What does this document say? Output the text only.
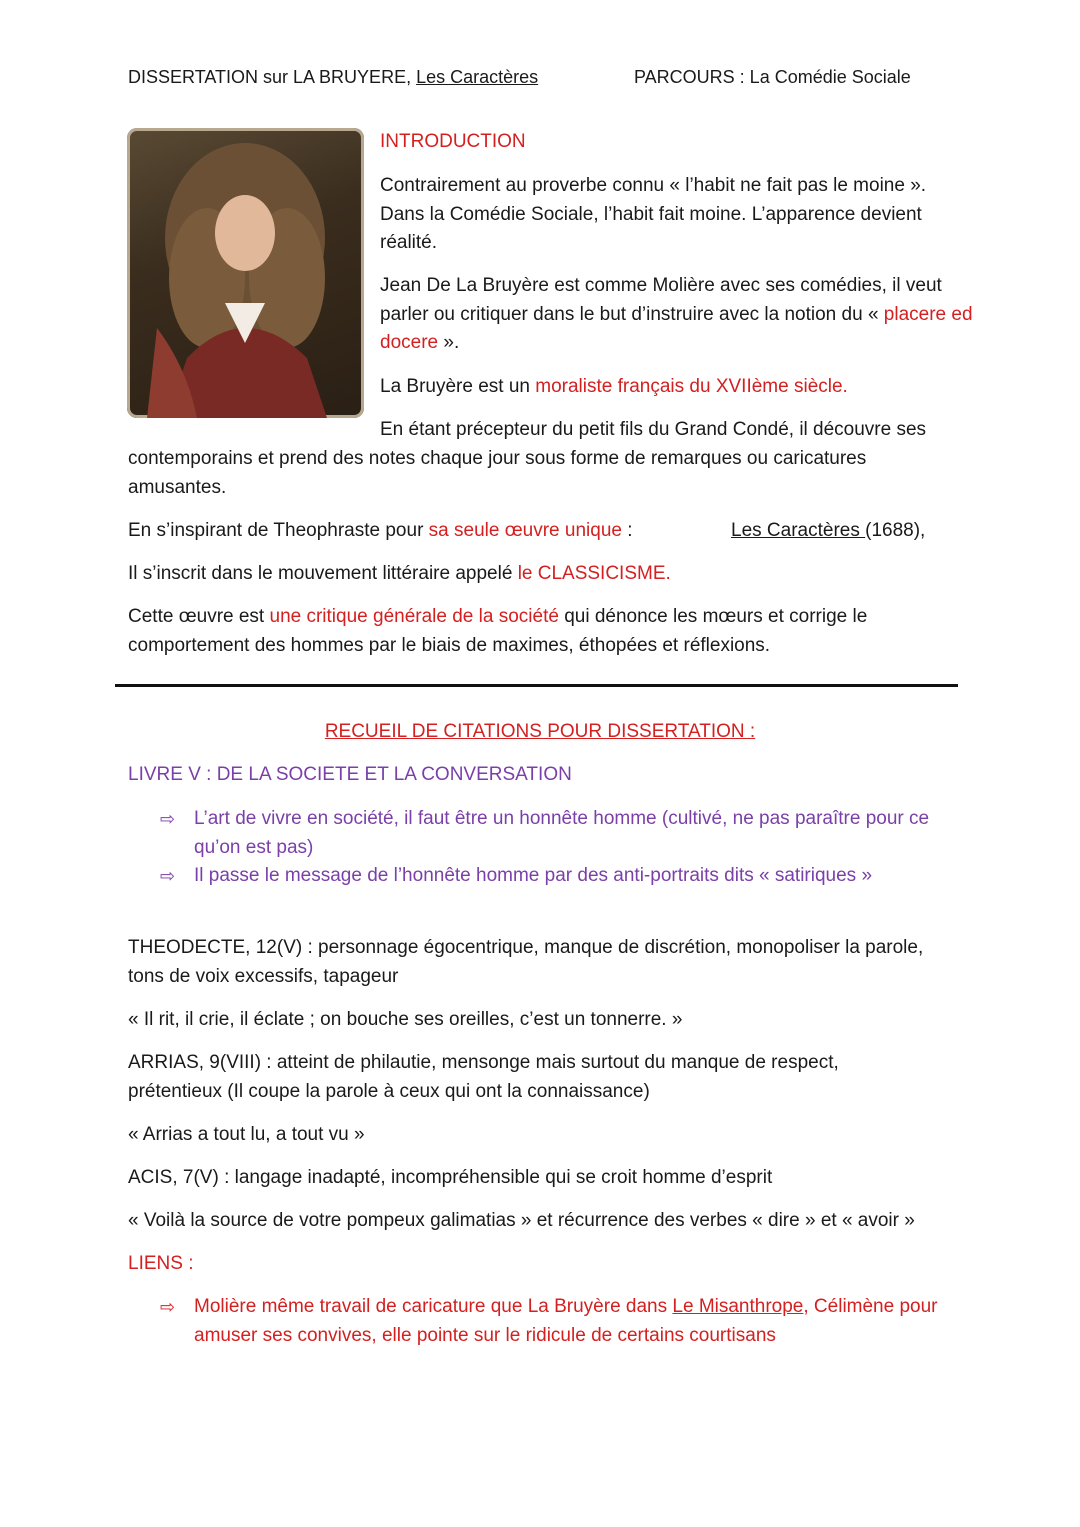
DISSERTATION sur LA BRUYERE, Les Caractères	PARCOURS : La Comédie Sociale
INTRODUCTION

Contrairement au proverbe connu « l’habit ne fait pas le moine ». Dans la Comédie Sociale, l’habit fait moine. L’apparence devient réalité.

Jean De La Bruyère est comme Molière avec ses comédies, il veut parler ou critiquer dans le but d’instruire avec la notion du « placere ed docere ».

La Bruyère est un moraliste français du XVIIème siècle.

En étant précepteur du petit fils du Grand Condé, il découvre ses

contemporains et prend des notes chaque jour sous forme de remarques ou caricatures amusantes.

En s’inspirant de Theophraste pour sa seule œuvre unique :	Les Caractères (1688),

Il s’inscrit dans le mouvement littéraire appelé le CLASSICISME.

Cette œuvre est une critique générale de la société qui dénonce les mœurs et corrige le comportement des hommes par le biais de maximes, éthopées et réflexions.

RECUEIL DE CITATIONS POUR DISSERTATION :
LIVRE V : DE LA SOCIETE ET LA CONVERSATION
⇨ L’art de vivre en société, il faut être un honnête homme (cultivé, ne pas paraître pour ce qu’on est pas)
⇨ Il passe le message de l’honnête homme par des anti-portraits dits « satiriques »

THEODECTE, 12(V) : personnage égocentrique, manque de discrétion, monopoliser la parole, tons de voix excessifs, tapageur

« Il rit, il crie, il éclate ; on bouche ses oreilles, c’est un tonnerre. »

ARRIAS, 9(VIII) : atteint de philautie, mensonge mais surtout du manque de respect, prétentieux (Il coupe la parole à ceux qui ont la connaissance)

« Arrias a tout lu, a tout vu »

ACIS, 7(V) : langage inadapté, incompréhensible qui se croit homme d’esprit

« Voilà la source de votre pompeux galimatias » et récurrence des verbes « dire » et « avoir »

LIENS :
⇨ Molière même travail de caricature que La Bruyère dans Le Misanthrope, Célimène pour amuser ses convives, elle pointe sur le ridicule de certains courtisans
